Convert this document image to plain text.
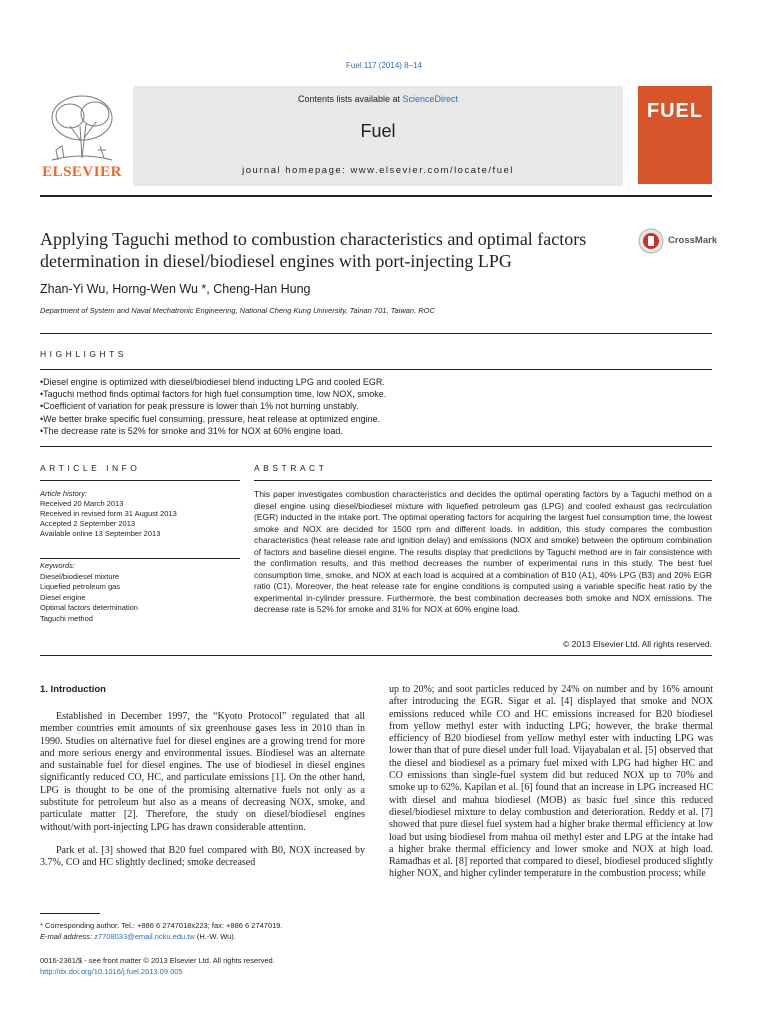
Fuel 117 (2014) 8–14
Contents lists available at ScienceDirect
Fuel
journal homepage: www.elsevier.com/locate/fuel
ELSEVIER
FUEL
Applying Taguchi method to combustion characteristics and optimal factors determination in diesel/biodiesel engines with port-injecting LPG
CrossMark
Zhan-Yi Wu, Horng-Wen Wu *, Cheng-Han Hung
Department of System and Naval Mechatronic Engineering, National Cheng Kung University, Tainan 701, Taiwan, ROC
HIGHLIGHTS
• Diesel engine is optimized with diesel/biodiesel blend inducting LPG and cooled EGR.
• Taguchi method finds optimal factors for high fuel consumption time, low NOX, smoke.
• Coefficient of variation for peak pressure is lower than 1% not burning unstably.
• We better brake specific fuel consuming, pressure, heat release at optimized engine.
• The decrease rate is 52% for smoke and 31% for NOX at 60% engine load.
ARTICLE INFO	ABSTRACT
Article history:
Received 20 March 2013
Received in revised form 31 August 2013
Accepted 2 September 2013
Available online 13 September 2013
Keywords:
Diesel/biodiesel mixture
Liquefied petroleum gas
Diesel engine
Optimal factors determination
Taguchi method
This paper investigates combustion characteristics and decides the optimal operating factors by a Taguchi method on a diesel engine using diesel/biodiesel mixture with liquefied petroleum gas (LPG) and cooled exhaust gas recirculation (EGR) inducted in the intake port. The optimal operating factors for acquiring the largest fuel consumption time, the lowest smoke and NOX are decided for 1500 rpm and different loads. In addition, this study compares the combustion characteristics (heat release rate and ignition delay) and emissions (NOX and smoke) between the optimum combination of factors and baseline diesel engine. The results display that predictions by Taguchi method are in fair consistence with the confirmation results, and this method decreases the number of experimental runs in this study. The best fuel consumption time, smoke, and NOX at each load is acquired at a combination of B10 (A1), 40% LPG (B3) and 20% EGR ratio (C1). Moreover, the heat release rate for engine conditions is computed using a variable specific heat ratio by the experimental in-cylinder pressure. Furthermore, the best combination decreases both smoke and NOX emissions. The decrease rate is 52% for smoke and 31% for NOX at 60% engine load.
© 2013 Elsevier Ltd. All rights reserved.
1. Introduction
Established in December 1997, the “Kyoto Protocol” regulated that all member countries emit amounts of six greenhouse gases less in 2010 than in 1990. Studies on alternative fuel for diesel engines are a growing trend for more and more serious energy and environmental issues. Biodiesel was an alternate and sustainable fuel for diesel engines. The use of biodiesel in diesel engines significantly reduced CO, HC, and particulate emissions [1]. On the other hand, LPG is thought to be one of the promising alternative fuels not only as a substitute for petroleum but also as a means of decreasing NOX, smoke, and particulate matter [2]. Therefore, the study on diesel/biodiesel engines without/with port-injecting LPG has drawn considerable attention.
Park et al. [3] showed that B20 fuel compared with B0, NOX increased by 3.7%, CO and HC slightly declined; smoke decreased
up to 20%; and soot particles reduced by 24% on number and by 16% amount after introducing the EGR. Sigar et al. [4] displayed that smoke and NOX emissions reduced while CO and HC emissions increased for B20 biodiesel from yellow methyl ester with inducting LPG; however, the brake thermal efficiency of B20 biodiesel from yellow methyl ester with inducting LPG was lower than that of pure diesel under full load. Vijayabalan et al. [5] observed that the diesel and biodiesel as a primary fuel mixed with LPG had higher HC and CO emissions than single-fuel system did but reduced NOX up to 70% and smoke up to 62%. Kapilan et al. [6] found that an increase in LPG increased HC with diesel and mahua biodiesel (MOB) as basic fuel since this reduced diesel/biodiesel mixture to delay combustion and deterioration. Reddy et al. [7] showed that pure diesel fuel system had a higher brake thermal efficiency at low load but using biodiesel from mahua oil methyl ester and LPG at the intake had a higher brake thermal efficiency and lower smoke and NOX at high load. Ramadhas et al. [8] reported that compared to diesel, biodiesel produced slightly higher NOX, and higher cylinder temperature in the combustion process; while
* Corresponding author. Tel.: +886 6 2747018x223; fax: +886 6 2747019.
E-mail address: z7708033@email.ncku.edu.tw (H.-W. Wu).
0016-2361/$ - see front matter © 2013 Elsevier Ltd. All rights reserved.
http://dx.doi.org/10.1016/j.fuel.2013.09.005
